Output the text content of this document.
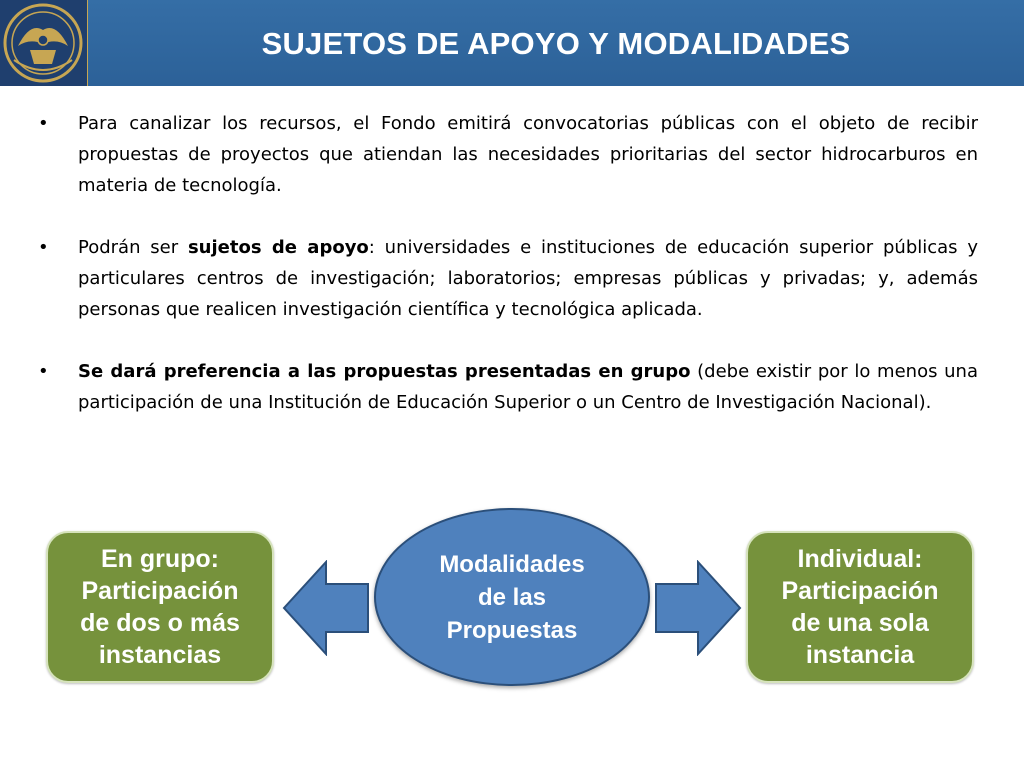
SUJETOS DE APOYO Y MODALIDADES

• Para canalizar los recursos, el Fondo emitirá convocatorias públicas con el objeto de recibir propuestas de proyectos que atiendan las necesidades prioritarias del sector hidrocarburos en materia de tecnología.

• Podrán ser sujetos de apoyo: universidades e instituciones de educación superior públicas y particulares centros de investigación; laboratorios; empresas públicas y privadas; y, además personas que realicen investigación científica y tecnológica aplicada.

• Se dará preferencia a las propuestas presentadas en grupo (debe existir por lo menos una participación de una Institución de Educación Superior o un Centro de Investigación Nacional).

En grupo:
Participación
de dos o más
instancias
Modalidades
de las
Propuestas
Individual:
Participación
de una sola
instancia
